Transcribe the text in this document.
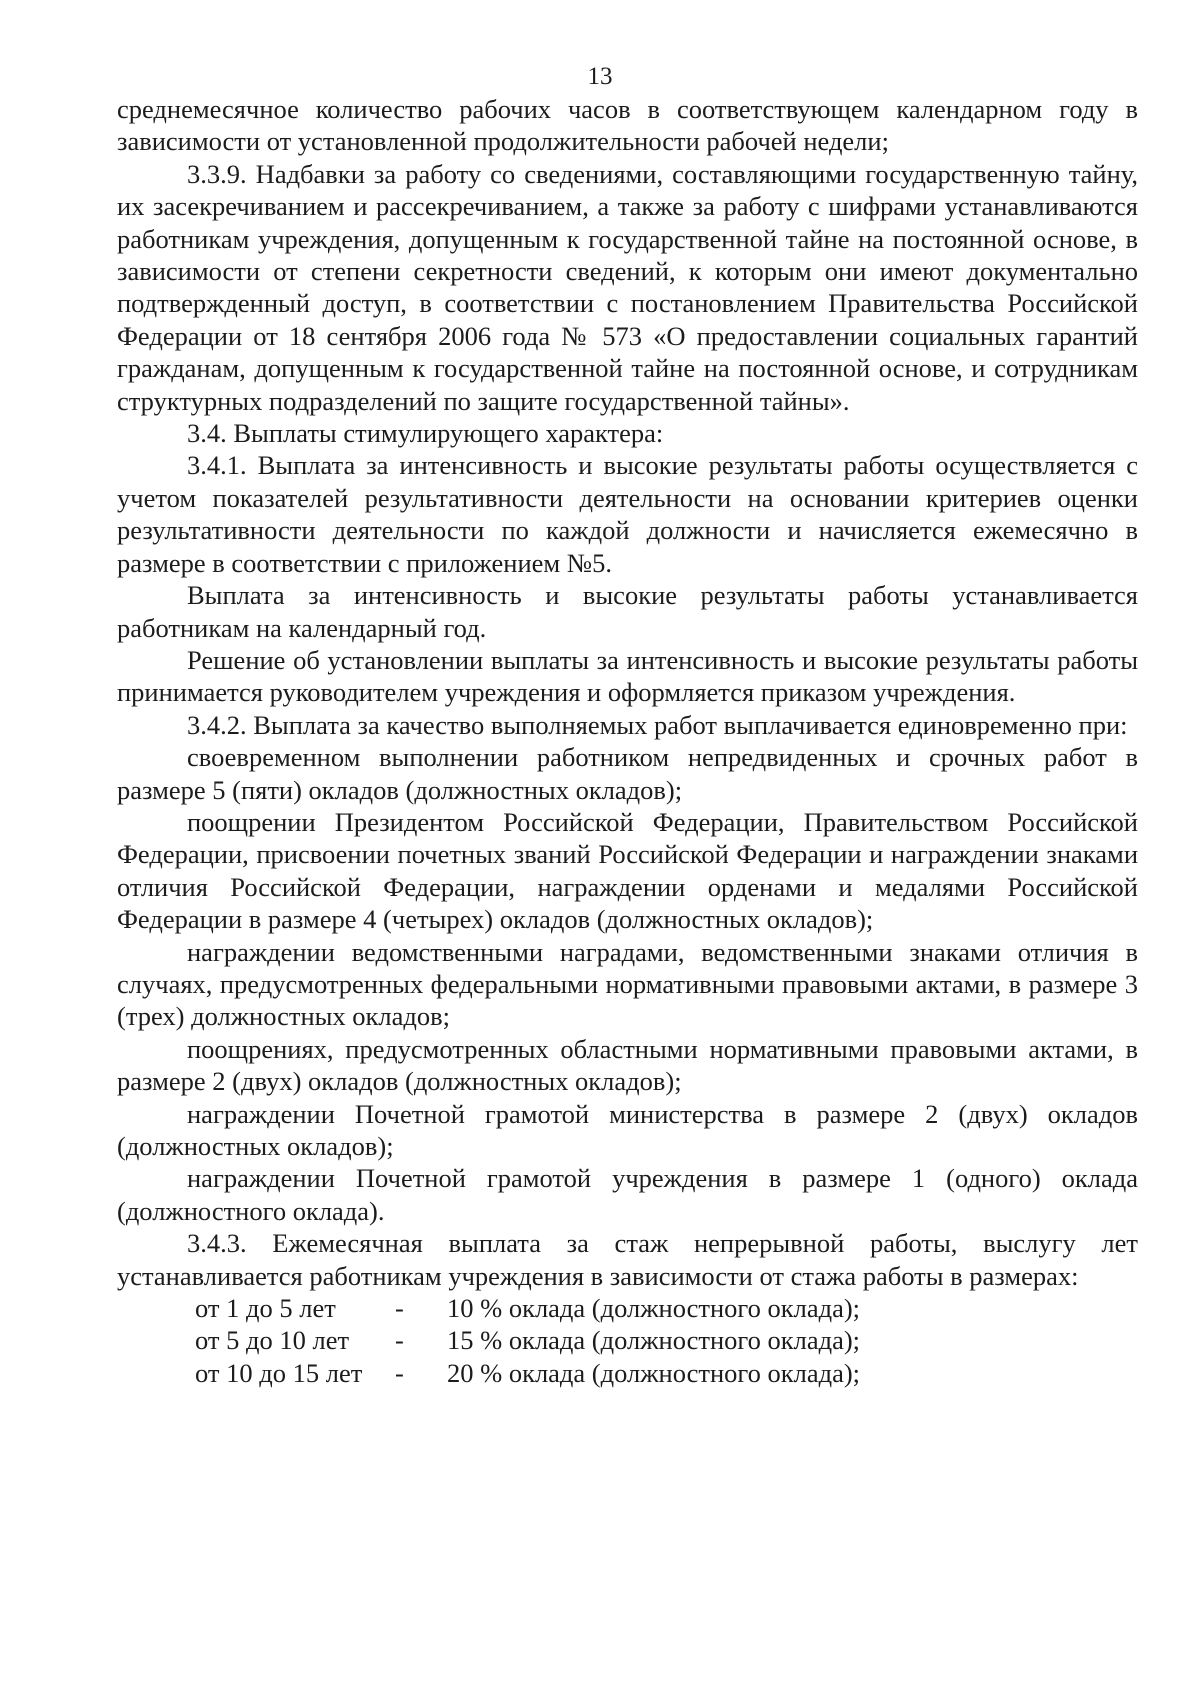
13

среднемесячное количество рабочих часов в соответствующем календарном году в зависимости от установленной продолжительности рабочей недели;

3.3.9. Надбавки за работу со сведениями, составляющими государственную тайну, их засекречиванием и рассекречиванием, а также за работу с шифрами устанавливаются работникам учреждения, допущенным к государственной тайне на постоянной основе, в зависимости от степени секретности сведений, к которым они имеют документально подтвержденный доступ, в соответствии с постановлением Правительства Российской Федерации от 18 сентября 2006 года № 573 «О предоставлении социальных гарантий гражданам, допущенным к государственной тайне на постоянной основе, и сотрудникам структурных подразделений по защите государственной тайны».

3.4. Выплаты стимулирующего характера:

3.4.1. Выплата за интенсивность и высокие результаты работы осуществляется с учетом показателей результативности деятельности на основании критериев оценки результативности деятельности по каждой должности и начисляется ежемесячно в размере в соответствии с приложением №5.

Выплата за интенсивность и высокие результаты работы устанавливается работникам на календарный год.

Решение об установлении выплаты за интенсивность и высокие результаты работы принимается руководителем учреждения и оформляется приказом учреждения.

3.4.2. Выплата за качество выполняемых работ выплачивается единовременно при:

своевременном выполнении работником непредвиденных и срочных работ в размере 5 (пяти) окладов (должностных окладов);

поощрении Президентом Российской Федерации, Правительством Российской Федерации, присвоении почетных званий Российской Федерации и награждении знаками отличия Российской Федерации, награждении орденами и медалями Российской Федерации в размере 4 (четырех) окладов (должностных окладов);

награждении ведомственными наградами, ведомственными знаками отличия в случаях, предусмотренных федеральными нормативными правовыми актами, в размере 3 (трех) должностных окладов;

поощрениях, предусмотренных областными нормативными правовыми актами, в размере 2 (двух) окладов (должностных окладов);

награждении Почетной грамотой министерства в размере 2 (двух) окладов (должностных окладов);

награждении Почетной грамотой учреждения в размере 1 (одного) оклада (должностного оклада).

3.4.3. Ежемесячная выплата за стаж непрерывной работы, выслугу лет устанавливается работникам учреждения в зависимости от стажа работы в размерах:

от 1 до 5 лет	-	10 % оклада (должностного оклада);
от 5 до 10 лет	-	15 % оклада (должностного оклада);
от 10 до 15 лет	-	20 % оклада (должностного оклада);
